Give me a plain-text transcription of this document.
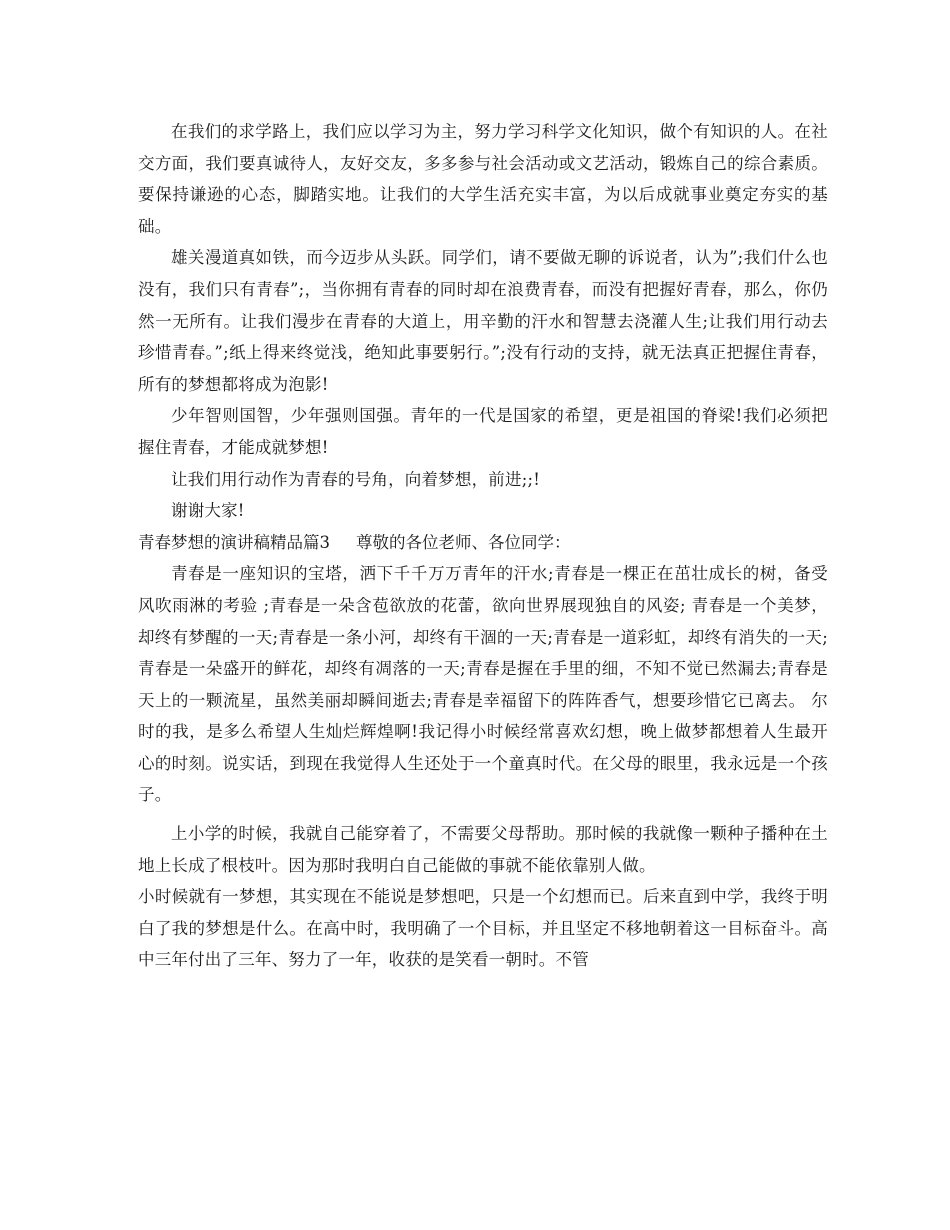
在我们的求学路上，我们应以学习为主，努力学习科学文化知识，做个有知识的人。在社交方面，我们要真诚待人，友好交友，多多参与社会活动或文艺活动，锻炼自己的综合素质。要保持谦逊的心态，脚踏实地。让我们的大学生活充实丰富，为以后成就事业奠定夯实的基础。

雄关漫道真如铁，而今迈步从头跃。同学们，请不要做无聊的诉说者，认为”;我们什么也没有，我们只有青春”;，当你拥有青春的同时却在浪费青春，而没有把握好青春，那么，你仍然一无所有。让我们漫步在青春的大道上，用辛勤的汗水和智慧去浇灌人生;让我们用行动去珍惜青春。”;纸上得来终觉浅，绝知此事要躬行。”;没有行动的支持，就无法真正把握住青春，所有的梦想都将成为泡影!

少年智则国智，少年强则国强。青年的一代是国家的希望，更是祖国的脊梁!我们必须把握住青春，才能成就梦想!

让我们用行动作为青春的号角，向着梦想，前进;;!

谢谢大家!

青春梦想的演讲稿精品篇3 尊敬的各位老师、各位同学：

青春是一座知识的宝塔，洒下千千万万青年的汗水;青春是一棵正在茁壮成长的树，备受风吹雨淋的考验 ;青春是一朵含苞欲放的花蕾，欲向世界展现独自的风姿; 青春是一个美梦，却终有梦醒的一天;青春是一条小河，却终有干涸的一天;青春是一道彩虹，却终有消失的一天;青春是一朵盛开的鲜花，却终有凋落的一天;青春是握在手里的细，不知不觉已然漏去;青春是天上的一颗流星，虽然美丽却瞬间逝去;青春是幸福留下的阵阵香气，想要珍惜它已离去。 尔时的我，是多么希望人生灿烂辉煌啊!我记得小时候经常喜欢幻想，晚上做梦都想着人生最开心的时刻。说实话，到现在我觉得人生还处于一个童真时代。在父母的眼里，我永远是一个孩子。

上小学的时候，我就自己能穿着了，不需要父母帮助。那时候的我就像一颗种子播种在土地上长成了根枝叶。因为那时我明白自己能做的事就不能依靠别人做。

小时候就有一梦想，其实现在不能说是梦想吧，只是一个幻想而已。后来直到中学，我终于明白了我的梦想是什么。在高中时，我明确了一个目标，并且坚定不移地朝着这一目标奋斗。高中三年付出了三年、努力了一年，收获的是笑看一朝时。不管
